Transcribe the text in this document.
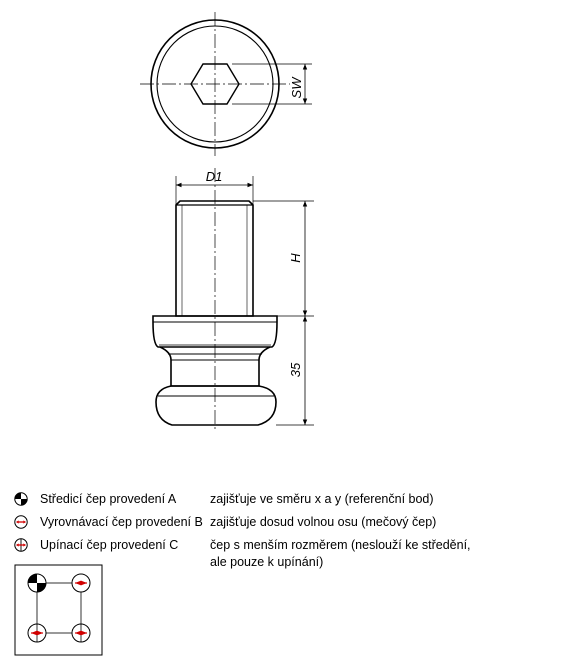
SW
D1
H
35
Středicí čep provedení A	zajišťuje ve směru x a y (referenční bod)
Vyrovnávací čep provedení B zajišťuje dosud volnou osu (mečový čep)
Upínací čep provedení C	čep s menším rozměrem (neslouží ke středění,
ale pouze k upínání)
